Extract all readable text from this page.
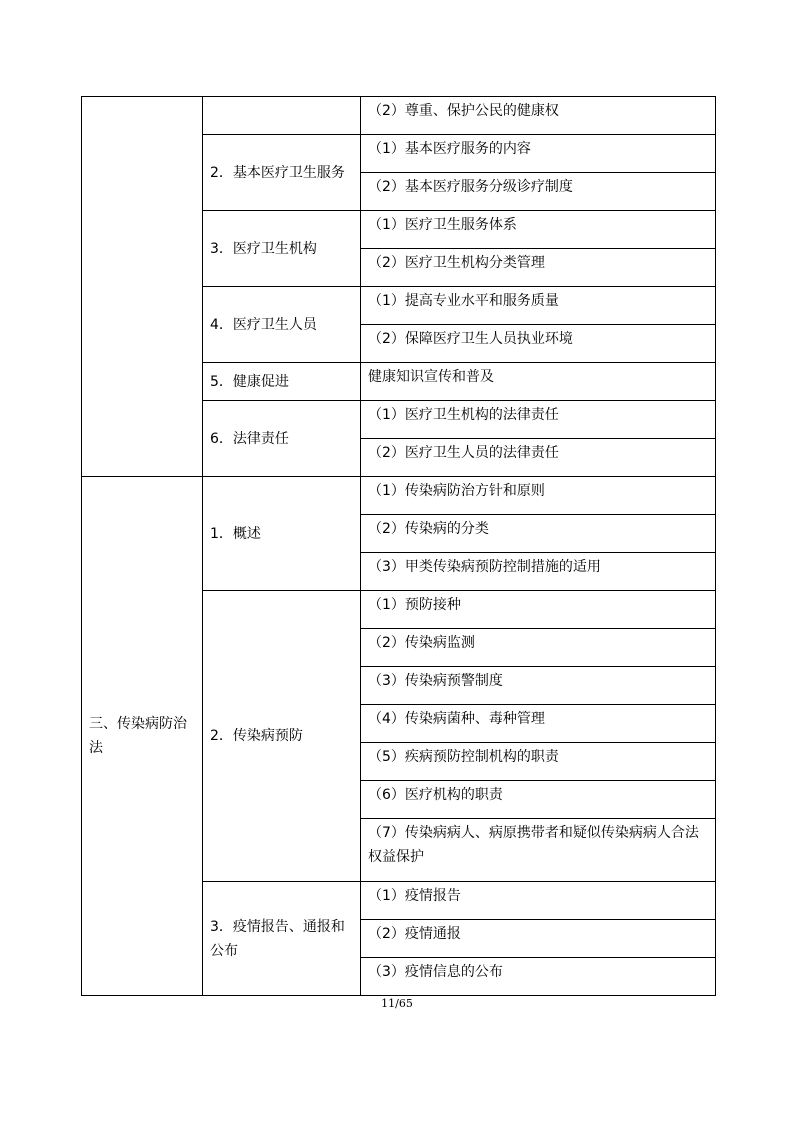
		（2）尊重、保护公民的健康权
	2．基本医疗卫生服务	（1）基本医疗服务的内容
		（2）基本医疗服务分级诊疗制度
	3．医疗卫生机构	（1）医疗卫生服务体系
		（2）医疗卫生机构分类管理
	4．医疗卫生人员	（1）提高专业水平和服务质量
		（2）保障医疗卫生人员执业环境
	5．健康促进	健康知识宣传和普及
	6．法律责任	（1）医疗卫生机构的法律责任
		（2）医疗卫生人员的法律责任
三、传染病防治法	1．概述	（1）传染病防治方针和原则
		（2）传染病的分类
		（3）甲类传染病预防控制措施的适用
	2．传染病预防	（1）预防接种
		（2）传染病监测
		（3）传染病预警制度
		（4）传染病菌种、毒种管理
		（5）疾病预防控制机构的职责
		（6）医疗机构的职责
		（7）传染病病人、病原携带者和疑似传染病病人合法权益保护
	3．疫情报告、通报和公布	（1）疫情报告
		（2）疫情通报
		（3）疫情信息的公布
11/65
